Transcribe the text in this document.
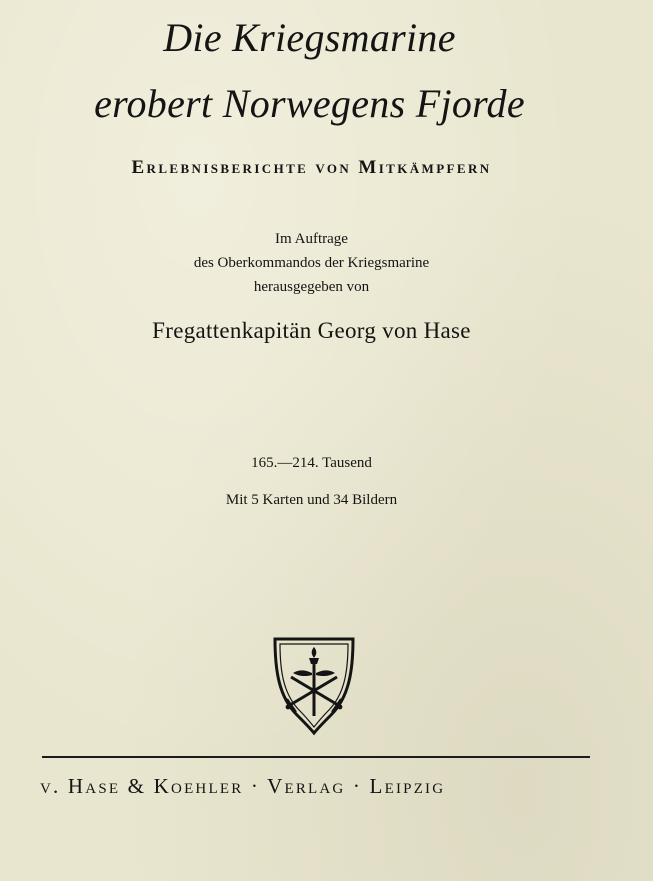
Die Kriegsmarine
erobert Norwegens Fjorde
Erlebnisberichte von Mitkämpfern
Im Auftrage
des Oberkommandos der Kriegsmarine
herausgegeben von
Fregattenkapitän Georg von Hase
165.—214. Tausend
Mit 5 Karten und 34 Bildern
v. Hase & Koehler · Verlag · Leipzig
